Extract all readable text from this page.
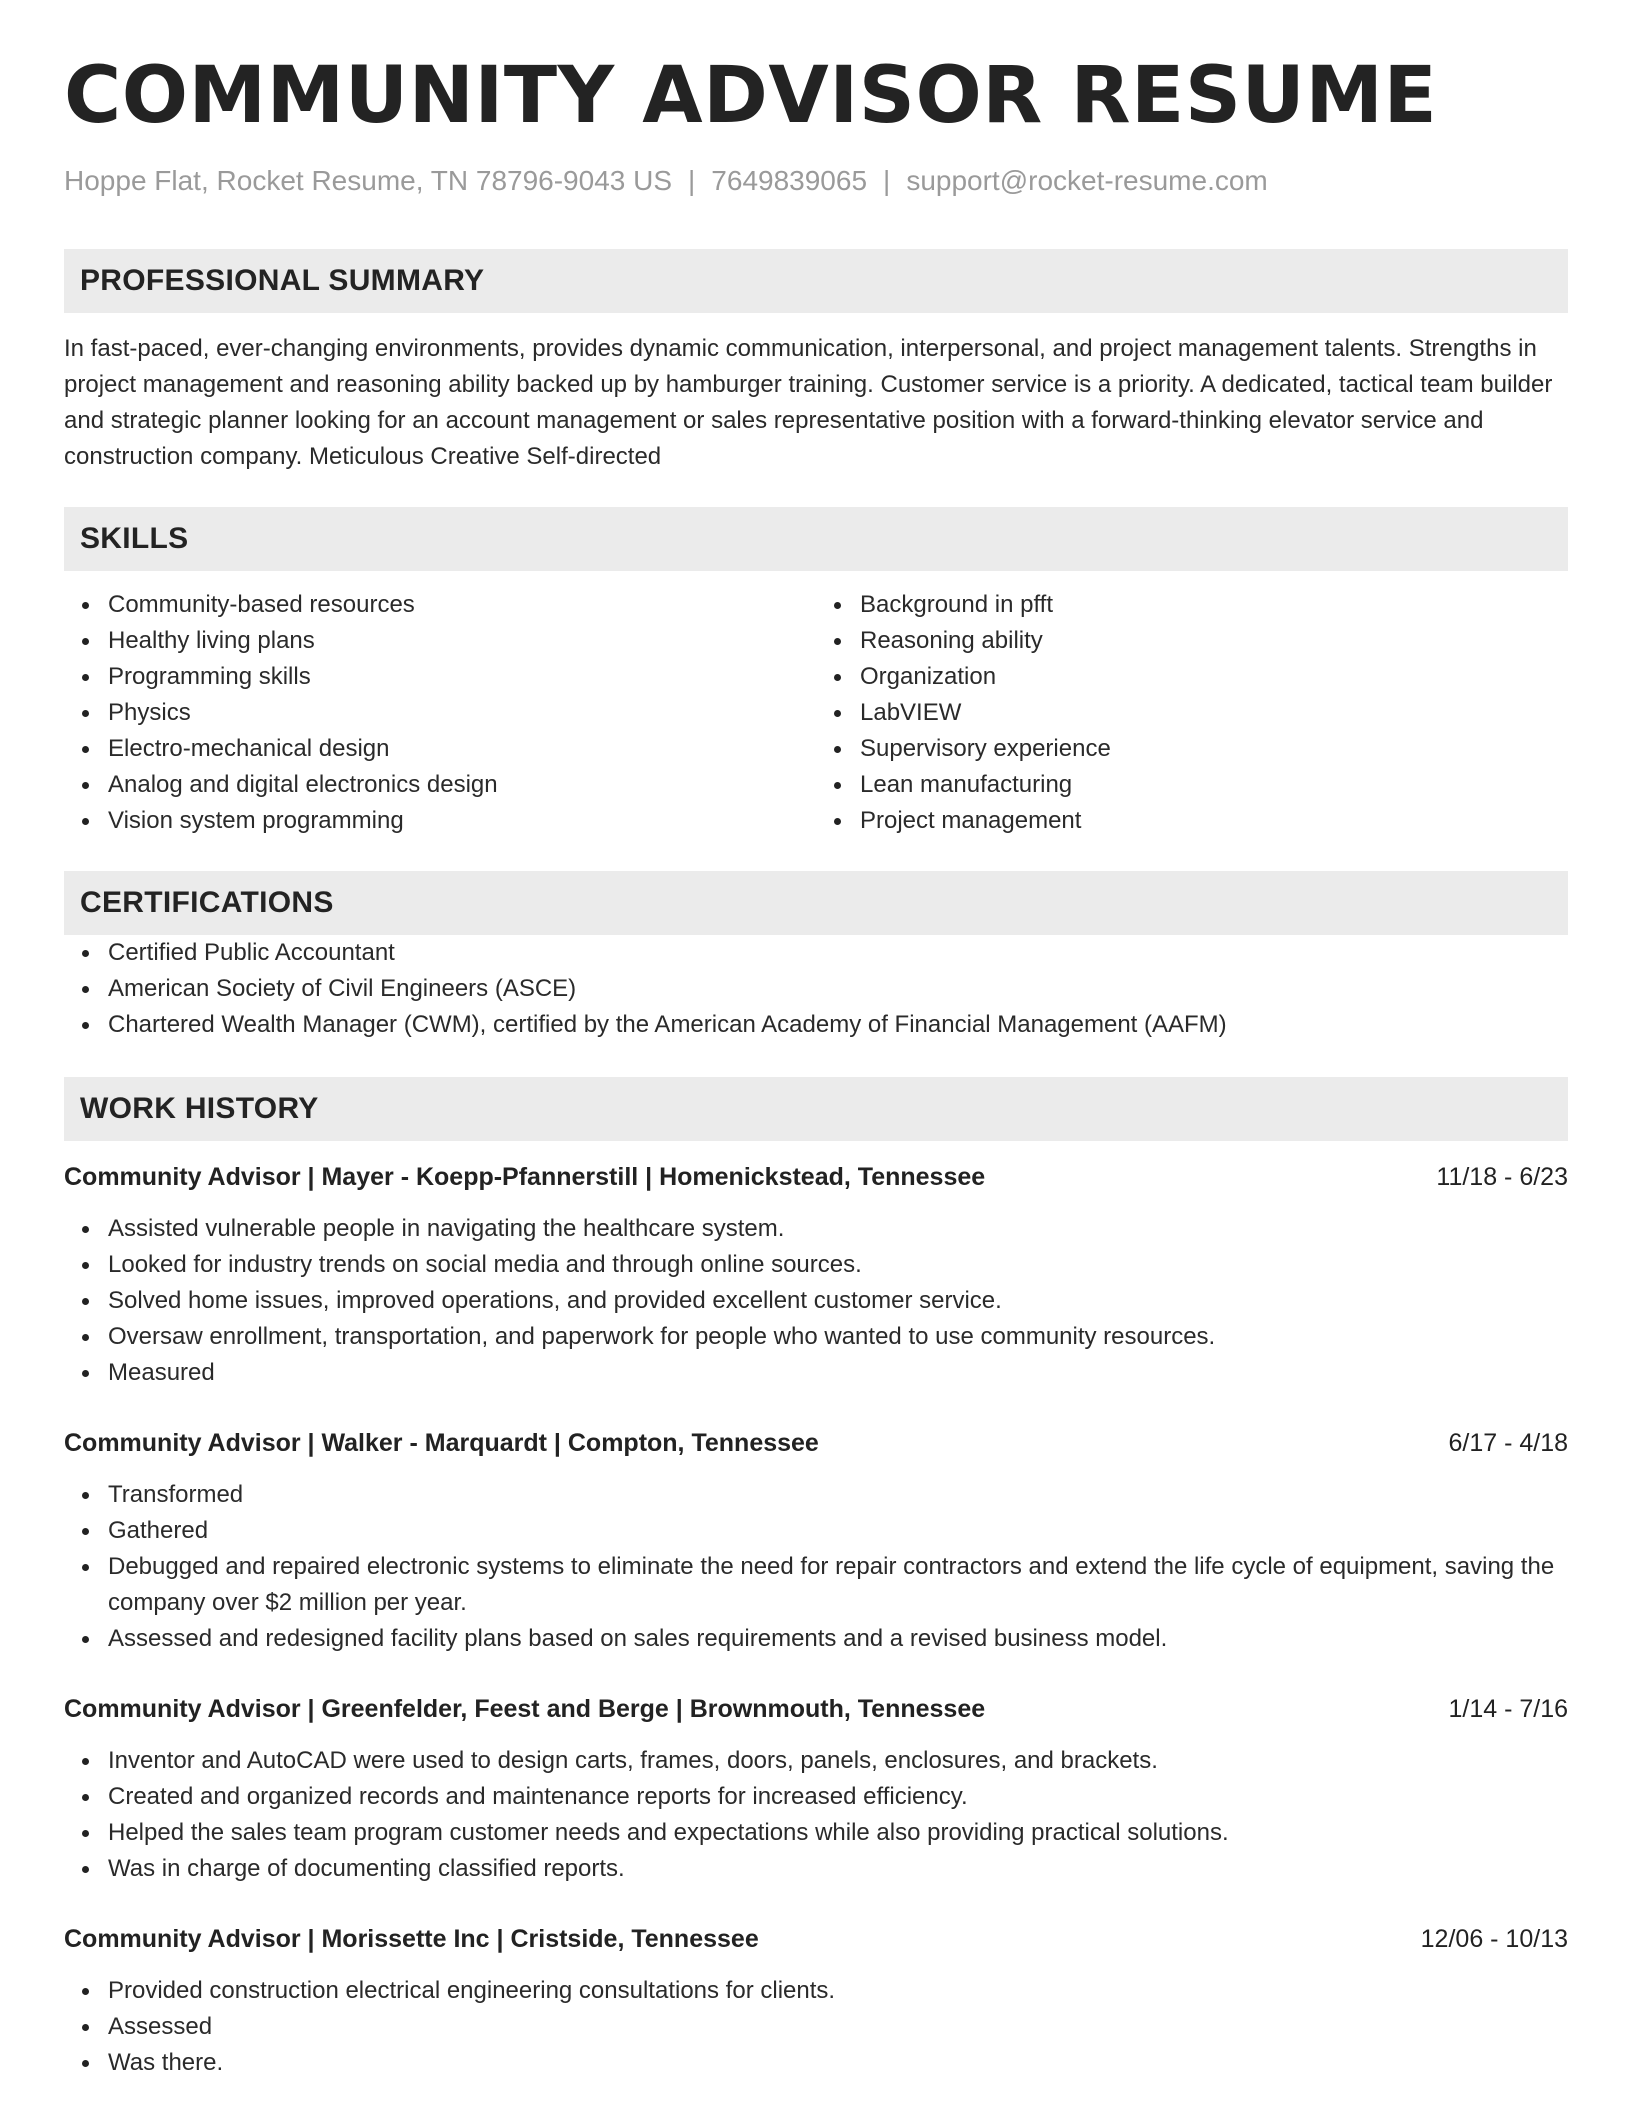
COMMUNITY ADVISOR RESUME
Hoppe Flat, Rocket Resume, TN 78796-9043 US | 7649839065 | support@rocket-resume.com
PROFESSIONAL SUMMARY

In fast-paced, ever-changing environments, provides dynamic communication, interpersonal, and project management talents. Strengths in project management and reasoning ability backed up by hamburger training. Customer service is a priority. A dedicated, tactical team builder and strategic planner looking for an account management or sales representative position with a forward-thinking elevator service and construction company. Meticulous Creative Self-directed

SKILLS
Community-based resources
Healthy living plans
Programming skills
Physics
Electro-mechanical design
Analog and digital electronics design
Vision system programming
Background in pfft
Reasoning ability
Organization
LabVIEW
Supervisory experience
Lean manufacturing
Project management
CERTIFICATIONS
Certified Public Accountant
American Society of Civil Engineers (ASCE)
Chartered Wealth Manager (CWM), certified by the American Academy of Financial Management (AAFM)
WORK HISTORY
Community Advisor | Mayer - Koepp-Pfannerstill | Homenickstead, Tennessee	11/18 - 6/23
Assisted vulnerable people in navigating the healthcare system.
Looked for industry trends on social media and through online sources.
Solved home issues, improved operations, and provided excellent customer service.
Oversaw enrollment, transportation, and paperwork for people who wanted to use community resources.
Measured
Community Advisor | Walker - Marquardt | Compton, Tennessee	6/17 - 4/18
Transformed
Gathered
Debugged and repaired electronic systems to eliminate the need for repair contractors and extend the life cycle of equipment, saving the company over $2 million per year.
Assessed and redesigned facility plans based on sales requirements and a revised business model.
Community Advisor | Greenfelder, Feest and Berge | Brownmouth, Tennessee	1/14 - 7/16
Inventor and AutoCAD were used to design carts, frames, doors, panels, enclosures, and brackets.
Created and organized records and maintenance reports for increased efficiency.
Helped the sales team program customer needs and expectations while also providing practical solutions.
Was in charge of documenting classified reports.
Community Advisor | Morissette Inc | Cristside, Tennessee	12/06 - 10/13
Provided construction electrical engineering consultations for clients.
Assessed
Was there.
